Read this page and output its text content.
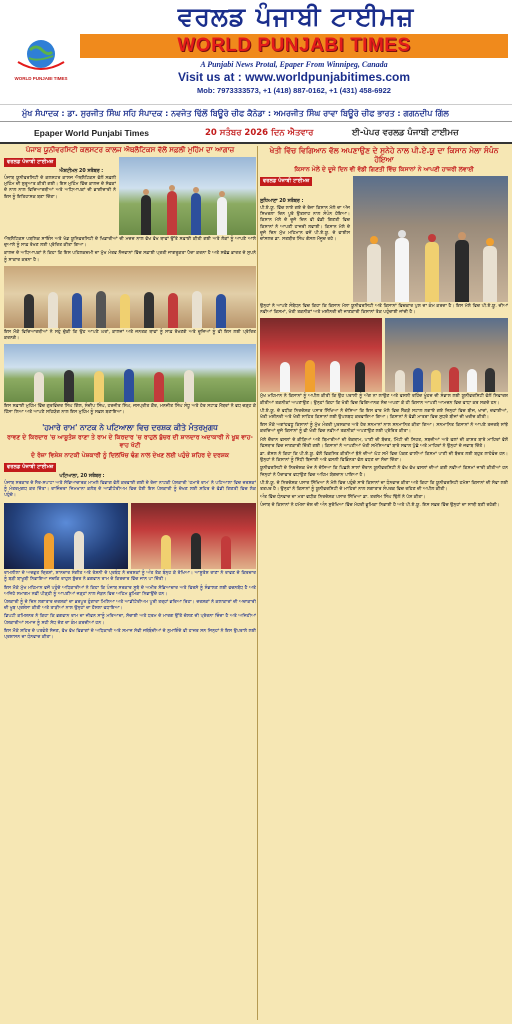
WORLD PUNJABI TIMES
ਵਰਲਡ ਪੰਜਾਬੀ ਟਾਈਮਜ਼
WORLD PUNJABI TIMES
A Punjabi News Protal, Epaper From Winnipeg, Canada
Visit us at : www.worldpunjabitimes.com
Mob: 7973333573, +1 (418) 887-0162, +1 (431) 458-6922
ਮੁੱਖ ਸੰਪਾਦਕ : ਡਾ. ਸੁਰਜੀਤ ਸਿੰਘ ਸਹਿ ਸੰਪਾਦਕ : ਨਵਜੋਤ ਢਿੱਲੋਂ ਬਿਊਰੋ ਚੀਫ ਕੈਨੇਡਾ : ਅਮਰਜੀਤ ਸਿੰਘ ਰਾਵਾ ਬਿਊਰੋ ਚੀਫ ਭਾਰਤ : ਗਗਨਦੀਪ ਗਿੱਲ
Epaper World Punjabi Times	20 ਸਤੰਬਰ 2026 ਦਿਨ ਐਤਵਾਰ	ਈ-ਪੇਪਰ ਵਰਲਡ ਪੰਜਾਬੀ ਟਾਈਮਜ਼
ਪੰਜਾਬ ਯੂਨੀਵਰਸਿਟੀ ਕਲਸਟਰ ਕਾਲਜ ਐਥਲੈਟਿਕਸ ਵੱਲੋਂ ਸਫ਼ਲੀ ਮੁਹਿੰਮ ਦਾ ਆਗਾਜ਼
ਵਰਲਡ ਪੰਜਾਬੀ ਟਾਈਮਜ਼
ਐਸ਼ਟੀਮਨ 20 ਸਤੰਬਰ :
ਪੰਜਾਬ ਯੂਨੀਵਰਸਿਟੀ ਦੇ ਕਲਸਟਰ ਕਾਲਜ ਐਥਲੈਟਿਕਸ ਵੱਲੋਂ ਸਫ਼ਲੀ ਮੁਹਿੰਮ ਦੀ ਸ਼ੁਰੂਆਤ ਕੀਤੀ ਗਈ। ਇਸ ਮੁਹਿੰਮ ਵਿੱਚ ਕਾਲਜ ਦੇ ਸੇਵਕਾਂ ਦੇ ਨਾਲ ਨਾਲ ਵਿਦਿਆਰਥੀਆਂ ਅਤੇ ਅਧਿਆਪਕਾਂ ਦੀ ਭਾਗੀਦਾਰੀ ਨੇ ਇਸ ਨੂੰ ਇਤਿਹਾਸਕ ਬਣਾ ਦਿੱਤਾ।
ਐਥਲੈਟਿਕਸ ਪਬਲਿਕ ਸਾਇੰਸ ਅਤੇ ਖੇਡ ਯੂਨਿਵਰਸਿਟੀ ਦੇ ਖਿਡਾਰੀਆਂ ਦੀ ਮਦਦ ਨਾਲ ਵੱਖ ਵੱਖ ਥਾਵਾਂ ਉੱਤੇ ਸਫ਼ਾਈ ਕੀਤੀ ਗਈ ਅਤੇ ਲੋਕਾਂ ਨੂੰ ਆਪਣੇ ਆਲੇ ਦੁਆਲੇ ਨੂੰ ਸਾਫ਼ ਰੱਖਣ ਲਈ ਪ੍ਰੇਰਿਤ ਕੀਤਾ ਗਿਆ।
ਕਾਲਜ ਦੇ ਅਧਿਆਪਕਾਂ ਨੇ ਕਿਹਾ ਕਿ ਇਸ ਪਹਿਲਕਦਮੀ ਦਾ ਮੁੱਖ ਮੰਤਵ ਨੌਜਵਾਨਾਂ ਵਿੱਚ ਸਫ਼ਾਈ ਪ੍ਰਤੀ ਜਾਗਰੂਕਤਾ ਪੈਦਾ ਕਰਨਾ ਹੈ ਅਤੇ ਸਵੱਛ ਭਾਰਤ ਦੇ ਸੁਪਨੇ ਨੂੰ ਸਾਕਾਰ ਕਰਨਾ ਹੈ।
ਇਸ ਮੌਕੇ ਵਿਦਿਆਰਥੀਆਂ ਨੇ ਸਹੁੰ ਚੁੱਕੀ ਕਿ ਉਹ ਆਪਣੇ ਘਰਾਂ, ਕਾਲਜਾਂ ਅਤੇ ਜਨਤਕ ਥਾਵਾਂ ਨੂੰ ਸਾਫ਼ ਰੱਖਣਗੇ ਅਤੇ ਦੂਜਿਆਂ ਨੂੰ ਵੀ ਇਸ ਲਈ ਪ੍ਰੇਰਿਤ ਕਰਨਗੇ।
ਇਸ ਸਫ਼ਾਈ ਮੁਹਿੰਮ ਵਿੱਚ ਗੁਰਵਿੰਦਰ ਸਿੰਘ ਗਿੱਲ, ਸੰਦੀਪ ਸਿੰਘ, ਹਰਜੀਤ ਸਿੰਘ, ਜਸਪ੍ਰੀਤ ਕੌਰ, ਮਨਜੀਤ ਸਿੰਘ ਸੰਧੂ ਅਤੇ ਹੋਰ ਸਟਾਫ਼ ਮੈਂਬਰਾਂ ਨੇ ਵਧ ਚੜ੍ਹ ਕੇ ਹਿੱਸਾ ਲਿਆ ਅਤੇ ਆਪਣੇ ਸਹਿਯੋਗ ਨਾਲ ਇਸ ਮੁਹਿੰਮ ਨੂੰ ਸਫ਼ਲ ਬਣਾਇਆ।
'ਹਮਾਰੇ ਰਾਮ' ਨਾਟਕ ਨੇ ਪਟਿਆਲਾ ਵਿਚ ਦਰਸ਼ਕ ਕੀਤੇ ਮੰਤਰਮੁਗਧ
ਰਾਵਣ ਦੇ ਕਿਰਦਾਰ 'ਚ ਆਸ਼ੂਤੋਸ਼ ਰਾਣਾ ਤੇ ਰਾਮ ਦੇ ਕਿਰਦਾਰ 'ਚ ਰਾਹੁਲ ਬੁੱਚਰ ਦੀ ਸ਼ਾਨਦਾਰ ਅਦਾਕਾਰੀ ਨੇ ਖੂਬ ਵਾਹ-ਵਾਹ ਖੱਟੀ
ਦੋ ਰੋਜ਼ਾ ਵਿਸ਼ੇਸ਼ ਨਾਟਕੀ ਪੇਸ਼ਕਾਰੀ ਨੂੰ ਦਿਲਖਿੱਚ ਢੰਗ ਨਾਲ ਦੇਖਣ ਲਈ ਪਹੁੰਚੇ ਸ਼ਹਿਰ ਦੇ ਦਰਸ਼ਕ
ਵਰਲਡ ਪੰਜਾਬੀ ਟਾਈਮਜ਼
ਪਟਿਆਲਾ, 20 ਸਤੰਬਰ :
ਪੰਜਾਬ ਸਰਕਾਰ ਦੇ ਸੈਰ-ਸਪਾਟਾ ਅਤੇ ਸੱਭਿਆਚਾਰਕ ਮਾਮਲੇ ਵਿਭਾਗ ਵੱਲੋਂ ਕਰਵਾਈ ਗਈ ਦੋ ਰੋਜ਼ਾ ਨਾਟਕੀ ਪੇਸ਼ਕਾਰੀ 'ਹਮਾਰੇ ਰਾਮ' ਨੇ ਪਟਿਆਲਾ ਵਿਚ ਦਰਸ਼ਕਾਂ ਨੂੰ ਮੰਤਰਮੁਗਧ ਕਰ ਦਿੱਤਾ। ਰਾਜਿੰਦਰਾ ਜਿਮਖਾਨਾ ਕਲੱਬ ਦੇ ਆਡੀਟੋਰੀਅਮ ਵਿਚ ਹੋਈ ਇਸ ਪੇਸ਼ਕਾਰੀ ਨੂੰ ਦੇਖਣ ਲਈ ਸ਼ਹਿਰ ਦੇ ਵੱਡੀ ਗਿਣਤੀ ਵਿਚ ਲੋਕ ਪਹੁੰਚੇ।
ਰਾਮਲੀਲਾ ਦੇ ਅਦਭੁਤ ਦ੍ਰਿਸ਼ਾਂ, ਸ਼ਾਨਦਾਰ ਸੰਗੀਤ ਅਤੇ ਰੋਸ਼ਨੀ ਦੇ ਪ੍ਰਬੰਧ ਨੇ ਦਰਸ਼ਕਾਂ ਨੂੰ ਅੰਤ ਤੱਕ ਬੰਨ੍ਹ ਕੇ ਰੱਖਿਆ। ਆਸ਼ੂਤੋਸ਼ ਰਾਣਾ ਨੇ ਰਾਵਣ ਦੇ ਕਿਰਦਾਰ ਨੂੰ ਬੜੀ ਬਾਖੂਬੀ ਨਿਭਾਇਆ ਜਦਕਿ ਰਾਹੁਲ ਬੁੱਚਰ ਨੇ ਭਗਵਾਨ ਰਾਮ ਦੇ ਕਿਰਦਾਰ ਵਿੱਚ ਜਾਨ ਪਾ ਦਿੱਤੀ।
ਇਸ ਮੌਕੇ ਮੁੱਖ ਮਹਿਮਾਨ ਵਜੋਂ ਪਹੁੰਚੇ ਅਧਿਕਾਰੀਆਂ ਨੇ ਕਿਹਾ ਕਿ ਪੰਜਾਬ ਸਰਕਾਰ ਸੂਬੇ ਦੇ ਅਮੀਰ ਸੱਭਿਆਚਾਰ ਅਤੇ ਵਿਰਸੇ ਨੂੰ ਸੰਭਾਲਣ ਲਈ ਵਚਨਬੱਧ ਹੈ ਅਤੇ ਅਜਿਹੇ ਸਮਾਗਮ ਨਵੀਂ ਪੀੜ੍ਹੀ ਨੂੰ ਆਪਣੀਆਂ ਜੜ੍ਹਾਂ ਨਾਲ ਜੋੜਨ ਵਿਚ ਅਹਿਮ ਭੂਮਿਕਾ ਨਿਭਾਉਂਦੇ ਹਨ।
ਪੇਸ਼ਕਾਰੀ ਨੂੰ ਦੋ ਦਿਨ ਲਗਾਤਾਰ ਦਰਸ਼ਕਾਂ ਦਾ ਭਰਪੂਰ ਹੁੰਗਾਰਾ ਮਿਲਿਆ ਅਤੇ ਆਡੀਟੋਰੀਅਮ ਪੂਰੀ ਤਰ੍ਹਾਂ ਭਰਿਆ ਰਿਹਾ। ਦਰਸ਼ਕਾਂ ਨੇ ਕਲਾਕਾਰਾਂ ਦੀ ਅਦਾਕਾਰੀ ਦੀ ਖੂਬ ਪ੍ਰਸ਼ੰਸਾ ਕੀਤੀ ਅਤੇ ਤਾੜੀਆਂ ਨਾਲ ਉਨ੍ਹਾਂ ਦਾ ਹੌਸਲਾ ਵਧਾਇਆ।
ਡਿਪਟੀ ਕਮਿਸ਼ਨਰ ਨੇ ਕਿਹਾ ਕਿ ਭਗਵਾਨ ਰਾਮ ਦਾ ਜੀਵਨ ਸਾਨੂੰ ਮਰਿਆਦਾ, ਸੱਚਾਈ ਅਤੇ ਧਰਮ ਦੇ ਮਾਰਗ ਉੱਤੇ ਚੱਲਣ ਦੀ ਪ੍ਰੇਰਨਾ ਦਿੰਦਾ ਹੈ ਅਤੇ ਅਜਿਹੀਆਂ ਪੇਸ਼ਕਾਰੀਆਂ ਸਮਾਜ ਨੂੰ ਸਹੀ ਸੇਧ ਦੇਣ ਦਾ ਕੰਮ ਕਰਦੀਆਂ ਹਨ।
ਇਸ ਮੌਕੇ ਸ਼ਹਿਰ ਦੇ ਪਤਵੰਤੇ ਸੱਜਣ, ਵੱਖ ਵੱਖ ਵਿਭਾਗਾਂ ਦੇ ਅਧਿਕਾਰੀ ਅਤੇ ਸਮਾਜ ਸੇਵੀ ਜਥੇਬੰਦੀਆਂ ਦੇ ਨੁਮਾਇੰਦੇ ਵੀ ਹਾਜ਼ਰ ਸਨ ਜਿਨ੍ਹਾਂ ਨੇ ਇਸ ਉਪਰਾਲੇ ਲਈ ਪ੍ਰਸ਼ਾਸਨ ਦਾ ਧੰਨਵਾਦ ਕੀਤਾ।
ਖੇਤੀ ਵਿੱਚ ਵਿਗਿਆਨ ਵੱਲ ਅਪਣਾਉਣ ਦੇ ਸੁਨੇਹੇ ਨਾਲ ਪੀ.ਏ.ਯੂ ਦਾ ਕਿਸਾਨ ਮੇਲਾ ਸੰਪੰਨ ਹੋਇਆ
ਕਿਸਾਨ ਮੇਲੇ ਦੇ ਦੂਜੇ ਦਿਨ ਵੀ ਵੱਡੀ ਗਿਣਤੀ ਵਿੱਚ ਕਿਸਾਨਾਂ ਨੇ ਆਪਣੀ ਹਾਜ਼ਰੀ ਲਵਾਈ
ਵਰਲਡ ਪੰਜਾਬੀ ਟਾਈਮਜ਼
ਲੁਧਿਆਣਾ 20 ਸਤੰਬਰ :
ਪੀ.ਏ.ਯੂ. ਵਿੱਚ ਲਾਏ ਗਏ ਦੋ ਰੋਜ਼ਾ ਕਿਸਾਨ ਮੇਲੇ ਦਾ ਅੱਜ ਸਿਖਰਲਾ ਦਿਨ ਪੂਰੇ ਉਤਸ਼ਾਹ ਨਾਲ ਸੰਪੰਨ ਹੋਇਆ। ਕਿਸਾਨ ਮੇਲੇ ਦੇ ਦੂਜੇ ਦਿਨ ਵੀ ਵੱਡੀ ਗਿਣਤੀ ਵਿਚ ਕਿਸਾਨਾਂ ਨੇ ਆਪਣੀ ਹਾਜ਼ਰੀ ਲਵਾਈ। ਕਿਸਾਨ ਮੇਲੇ ਦੇ ਦੂਜੇ ਦਿਨ ਮੁੱਖ ਮਹਿਮਾਨ ਵਜੋਂ ਪੀ.ਏ.ਯੂ. ਦੇ ਵਾਈਸ ਚਾਂਸਲਰ ਡਾ. ਸਤਬੀਰ ਸਿੰਘ ਗੋਸਲ ਮੌਜੂਦ ਰਹੇ।
ਉਨ੍ਹਾਂ ਨੇ ਆਪਣੇ ਸੰਬੋਧਨ ਵਿਚ ਕਿਹਾ ਕਿ ਕਿਸਾਨ ਮੇਲਾ ਯੂਨੀਵਰਸਿਟੀ ਅਤੇ ਕਿਸਾਨਾਂ ਵਿਚਕਾਰ ਪੁਲ ਦਾ ਕੰਮ ਕਰਦਾ ਹੈ। ਇਸ ਮੇਲੇ ਵਿਚ ਪੀ.ਏ.ਯੂ. ਦੀਆਂ ਨਵੀਆਂ ਕਿਸਮਾਂ, ਖੇਤੀ ਤਕਨੀਕਾਂ ਅਤੇ ਮਸ਼ੀਨਰੀ ਦੀ ਜਾਣਕਾਰੀ ਕਿਸਾਨਾਂ ਤੱਕ ਪਹੁੰਚਾਈ ਜਾਂਦੀ ਹੈ।
ਮੁੱਖ ਮਹਿਮਾਨ ਨੇ ਕਿਸਾਨਾਂ ਨੂੰ ਅਪੀਲ ਕੀਤੀ ਕਿ ਉਹ ਪਰਾਲੀ ਨੂੰ ਅੱਗ ਨਾ ਲਾਉਣ ਅਤੇ ਫਸਲੀ ਰਹਿੰਦ ਖੂੰਹਦ ਦੀ ਸੰਭਾਲ ਲਈ ਯੂਨੀਵਰਸਿਟੀ ਵੱਲੋਂ ਸਿਫਾਰਸ਼ ਕੀਤੀਆਂ ਤਕਨੀਕਾਂ ਅਪਣਾਉਣ। ਉਨ੍ਹਾਂ ਕਿਹਾ ਕਿ ਖੇਤੀ ਵਿਚ ਵਿਗਿਆਨਕ ਸੋਚ ਅਪਣਾ ਕੇ ਹੀ ਕਿਸਾਨ ਆਪਣੀ ਆਮਦਨ ਵਿਚ ਵਾਧਾ ਕਰ ਸਕਦੇ ਹਨ।
ਪੀ.ਏ.ਯੂ. ਦੇ ਵਧੀਕ ਨਿਰਦੇਸ਼ਕ ਪਸਾਰ ਸਿੱਖਿਆ ਨੇ ਦੱਸਿਆ ਕਿ ਇਸ ਵਾਰ ਮੇਲੇ ਵਿਚ ਸੈਂਕੜੇ ਸਟਾਲ ਲਗਾਏ ਗਏ ਜਿਨ੍ਹਾਂ ਵਿਚ ਬੀਜ, ਖਾਦਾਂ, ਦਵਾਈਆਂ, ਖੇਤੀ ਮਸ਼ੀਨਰੀ ਅਤੇ ਖੇਤੀ ਸਾਹਿਤ ਕਿਸਾਨਾਂ ਲਈ ਉਪਲਬਧ ਕਰਵਾਇਆ ਗਿਆ। ਕਿਸਾਨਾਂ ਨੇ ਵੱਡੀ ਮਾਤਰਾ ਵਿਚ ਸੁਧਰੇ ਬੀਜਾਂ ਦੀ ਖਰੀਦ ਕੀਤੀ।
ਇਸ ਮੌਕੇ ਅਗਾਂਹਵਧੂ ਕਿਸਾਨਾਂ ਨੂੰ ਮੁੱਖ ਮੰਤਰੀ ਪੁਰਸਕਾਰ ਅਤੇ ਹੋਰ ਸਨਮਾਨਾਂ ਨਾਲ ਸਨਮਾਨਿਤ ਕੀਤਾ ਗਿਆ। ਸਨਮਾਨਿਤ ਕਿਸਾਨਾਂ ਨੇ ਆਪਣੇ ਤਜਰਬੇ ਸਾਂਝੇ ਕਰਦਿਆਂ ਦੂਜੇ ਕਿਸਾਨਾਂ ਨੂੰ ਵੀ ਖੇਤੀ ਵਿਚ ਨਵੀਆਂ ਤਕਨੀਕਾਂ ਅਪਣਾਉਣ ਲਈ ਪ੍ਰੇਰਿਤ ਕੀਤਾ।
ਮੇਲੇ ਦੌਰਾਨ ਫਸਲਾਂ ਦੇ ਕੀੜਿਆਂ ਅਤੇ ਬਿਮਾਰੀਆਂ ਦੀ ਰੋਕਥਾਮ, ਪਾਣੀ ਦੀ ਬੱਚਤ, ਮਿੱਟੀ ਦੀ ਸਿਹਤ, ਸਬਜ਼ੀਆਂ ਅਤੇ ਫਲਾਂ ਦੀ ਕਾਸ਼ਤ ਬਾਰੇ ਮਾਹਿਰਾਂ ਵੱਲੋਂ ਵਿਸਥਾਰ ਵਿਚ ਜਾਣਕਾਰੀ ਦਿੱਤੀ ਗਈ। ਕਿਸਾਨਾਂ ਨੇ ਆਪਣੀਆਂ ਖੇਤੀ ਸਮੱਸਿਆਵਾਂ ਬਾਰੇ ਸਵਾਲ ਪੁੱਛੇ ਅਤੇ ਮਾਹਿਰਾਂ ਨੇ ਉਨ੍ਹਾਂ ਦੇ ਜਵਾਬ ਦਿੱਤੇ।
ਡਾ. ਗੋਸਲ ਨੇ ਕਿਹਾ ਕਿ ਪੀ.ਏ.ਯੂ. ਵੱਲੋਂ ਵਿਕਸਿਤ ਕੀਤੀਆਂ ਝੋਨੇ ਦੀਆਂ ਘੱਟ ਸਮੇਂ ਵਿਚ ਪੱਕਣ ਵਾਲੀਆਂ ਕਿਸਮਾਂ ਪਾਣੀ ਦੀ ਬੱਚਤ ਲਈ ਬਹੁਤ ਲਾਹੇਵੰਦ ਹਨ। ਉਨ੍ਹਾਂ ਨੇ ਕਿਸਾਨਾਂ ਨੂੰ ਸਿੱਧੀ ਬਿਜਾਈ ਅਤੇ ਫਸਲੀ ਵਿਭਿੰਨਤਾ ਵੱਲ ਵਧਣ ਦਾ ਸੱਦਾ ਦਿੱਤਾ।
ਯੂਨੀਵਰਸਿਟੀ ਦੇ ਨਿਰਦੇਸ਼ਕ ਖੋਜ ਨੇ ਦੱਸਿਆ ਕਿ ਪਿਛਲੇ ਸਾਲਾਂ ਦੌਰਾਨ ਯੂਨੀਵਰਸਿਟੀ ਨੇ ਵੱਖ ਵੱਖ ਫਸਲਾਂ ਦੀਆਂ ਕਈ ਨਵੀਆਂ ਕਿਸਮਾਂ ਜਾਰੀ ਕੀਤੀਆਂ ਹਨ ਜਿਨ੍ਹਾਂ ਨੇ ਪੈਦਾਵਾਰ ਵਧਾਉਣ ਵਿਚ ਅਹਿਮ ਯੋਗਦਾਨ ਪਾਇਆ ਹੈ।
ਪੀ.ਏ.ਯੂ. ਦੇ ਨਿਰਦੇਸ਼ਕ ਪਸਾਰ ਸਿੱਖਿਆ ਨੇ ਮੇਲੇ ਵਿਚ ਪਹੁੰਚੇ ਸਾਰੇ ਕਿਸਾਨਾਂ ਦਾ ਧੰਨਵਾਦ ਕੀਤਾ ਅਤੇ ਕਿਹਾ ਕਿ ਯੂਨੀਵਰਸਿਟੀ ਹਮੇਸ਼ਾ ਕਿਸਾਨਾਂ ਦੀ ਸੇਵਾ ਲਈ ਤਤਪਰ ਹੈ। ਉਨ੍ਹਾਂ ਨੇ ਕਿਸਾਨਾਂ ਨੂੰ ਯੂਨੀਵਰਸਿਟੀ ਦੇ ਮਾਹਿਰਾਂ ਨਾਲ ਲਗਾਤਾਰ ਸੰਪਰਕ ਵਿਚ ਰਹਿਣ ਦੀ ਅਪੀਲ ਕੀਤੀ।
ਅੰਤ ਵਿੱਚ ਧੰਨਵਾਦ ਦਾ ਮਤਾ ਵਧੀਕ ਨਿਰਦੇਸ਼ਕ ਪਸਾਰ ਸਿੱਖਿਆ ਡਾ. ਤਰਸੇਮ ਸਿੰਘ ਢਿੱਲੋਂ ਨੇ ਪੇਸ਼ ਕੀਤਾ।
ਪੰਜਾਬ ਦੇ ਕਿਸਾਨਾਂ ਨੇ ਹਮੇਸ਼ਾ ਦੇਸ਼ ਦੀ ਅੰਨ ਸੁਰੱਖਿਆ ਵਿੱਚ ਮੋਹਰੀ ਭੂਮਿਕਾ ਨਿਭਾਈ ਹੈ ਅਤੇ ਪੀ.ਏ.ਯੂ. ਇਸ ਸਫ਼ਰ ਵਿੱਚ ਉਨ੍ਹਾਂ ਦਾ ਸਾਥੀ ਬਣੀ ਰਹੇਗੀ।
